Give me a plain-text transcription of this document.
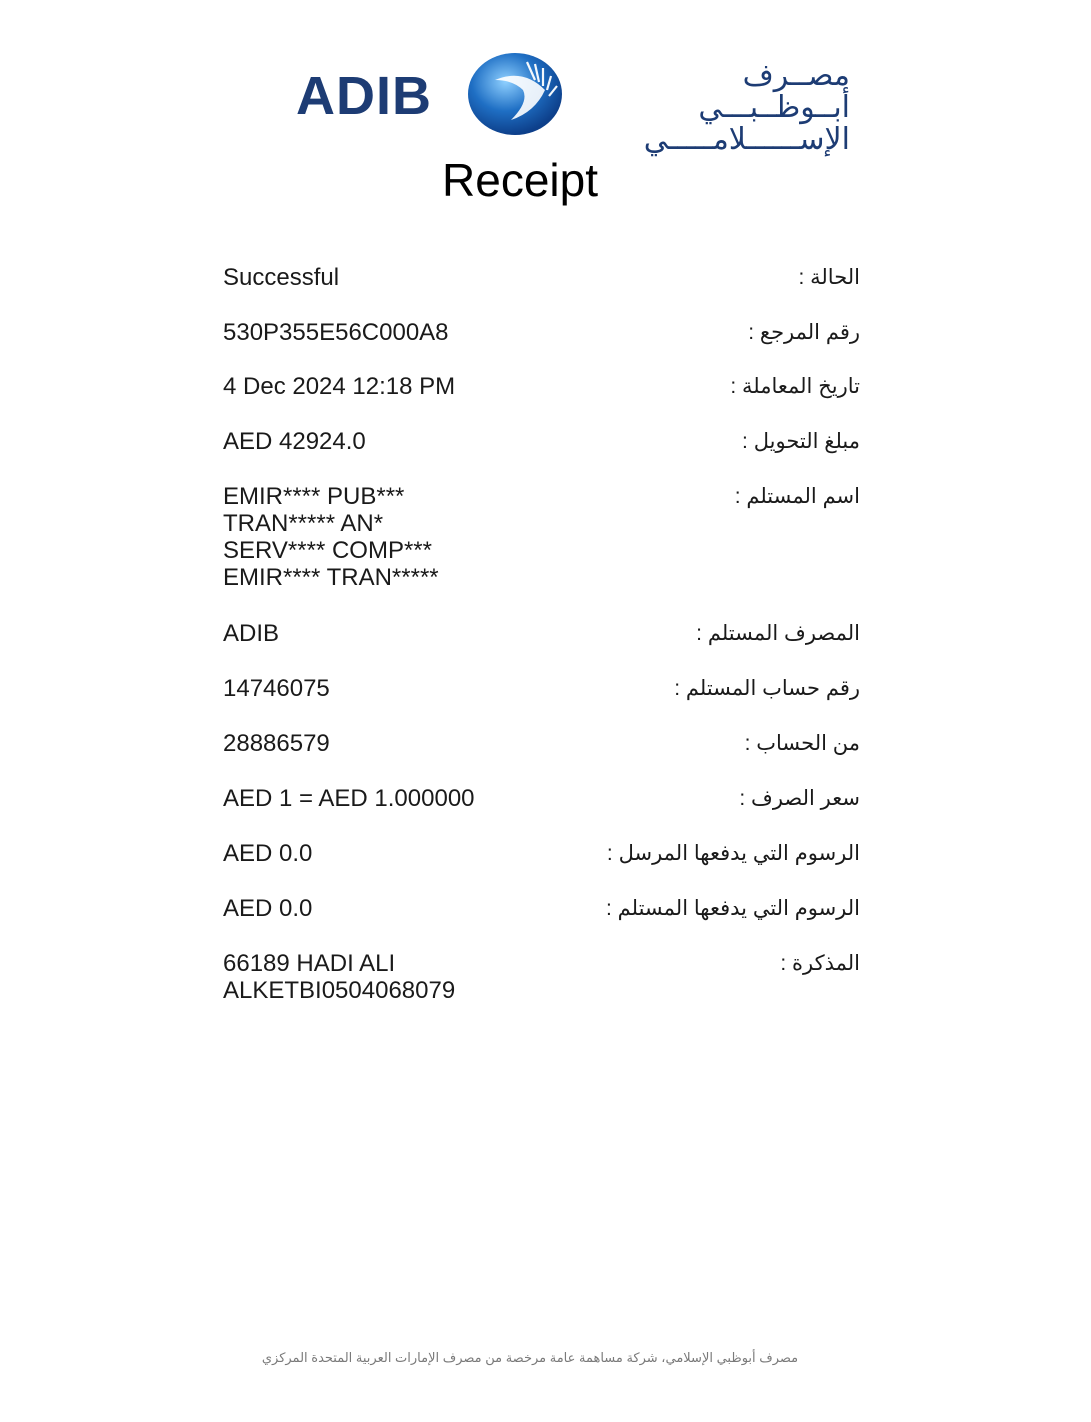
ADIB	مصــرف أبــوظــبـــي
الإســــــلامـــــي
Receipt
Successful	الحالة :
530P355E56C000A8	رقم المرجع :
4 Dec 2024 12:18 PM	تاريخ المعاملة :
AED 42924.0	مبلغ التحويل :
EMIR**** PUB***
TRAN***** AN*
SERV**** COMP***
EMIR**** TRAN*****
اسم المستلم :
ADIB	المصرف المستلم :
14746075	رقم حساب المستلم :
28886579	من الحساب :
AED 1 = AED 1.000000	سعر الصرف :
AED 0.0	الرسوم التي يدفعها المرسل :
AED 0.0	الرسوم التي يدفعها المستلم :
66189 HADI ALI
ALKETBI0504068079
المذكرة :
مصرف أبوظبي الإسلامي، شركة مساهمة عامة مرخصة من مصرف الإمارات العربية المتحدة المركزي
